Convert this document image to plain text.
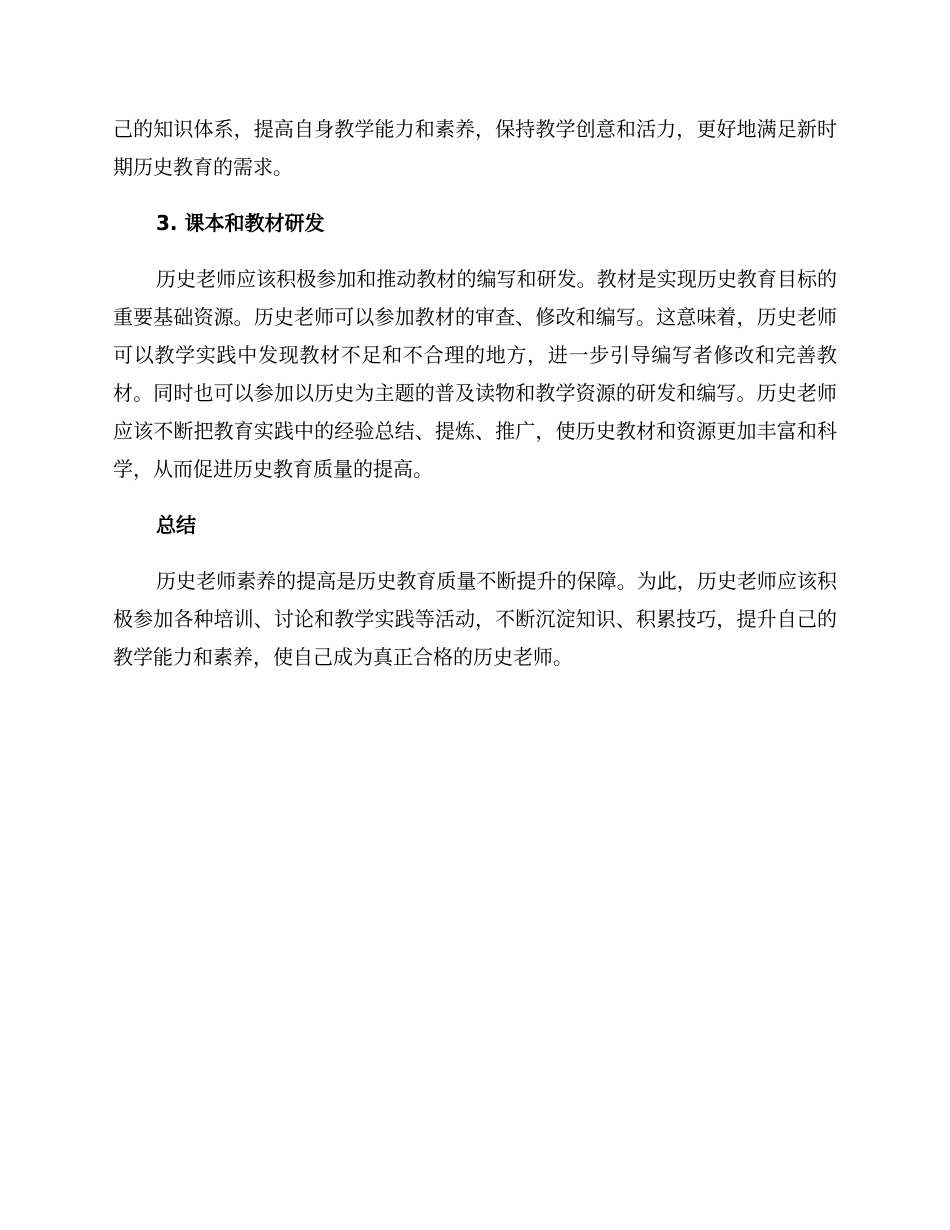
己的知识体系，提高自身教学能力和素养，保持教学创意和活力，更好地满足新时期历史教育的需求。

3. 课本和教材研发

历史老师应该积极参加和推动教材的编写和研发。教材是实现历史教育目标的重要基础资源。历史老师可以参加教材的审查、修改和编写。这意味着，历史老师可以教学实践中发现教材不足和不合理的地方，进一步引导编写者修改和完善教材。同时也可以参加以历史为主题的普及读物和教学资源的研发和编写。历史老师应该不断把教育实践中的经验总结、提炼、推广，使历史教材和资源更加丰富和科学，从而促进历史教育质量的提高。

总结

历史老师素养的提高是历史教育质量不断提升的保障。为此，历史老师应该积极参加各种培训、讨论和教学实践等活动，不断沉淀知识、积累技巧，提升自己的教学能力和素养，使自己成为真正合格的历史老师。
